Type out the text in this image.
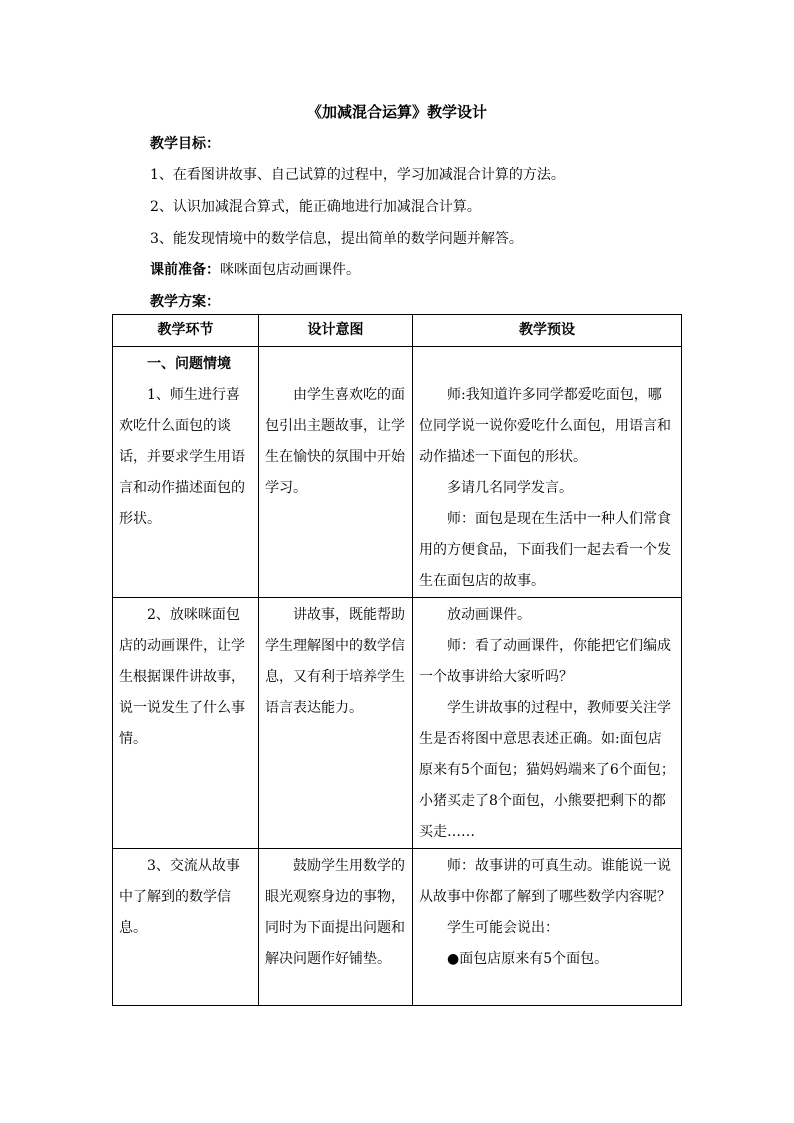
《加减混合运算》教学设计
教学目标：
1、在看图讲故事、自己试算的过程中，学习加减混合计算的方法。
2、认识加减混合算式，能正确地进行加减混合计算。
3、能发现情境中的数学信息，提出简单的数学问题并解答。
课前准备：咪咪面包店动画课件。
教学方案：
教学环节	设计意图	教学预设

一、问题情境
1、师生进行喜欢吃什么面包的谈话，并要求学生用语言和动作描述面包的形状。	由学生喜欢吃的面包引出主题故事，让学生在愉快的氛围中开始学习。	师:我知道许多同学都爱吃面包，哪位同学说一说你爱吃什么面包，用语言和动作描述一下面包的形状。
多请几名同学发言。
师：面包是现在生活中一种人们常食用的方便食品，下面我们一起去看一个发生在面包店的故事。

2、放咪咪面包店的动画课件，让学生根据课件讲故事，说一说发生了什么事情。	讲故事，既能帮助学生理解图中的数学信息，又有利于培养学生语言表达能力。	放动画课件。
师：看了动画课件，你能把它们编成一个故事讲给大家听吗？
学生讲故事的过程中，教师要关注学生是否将图中意思表述正确。如:面包店原来有5个面包；猫妈妈端来了6个面包；小猪买走了8个面包，小熊要把剩下的都买走……

3、交流从故事中了解到的数学信息。	鼓励学生用数学的眼光观察身边的事物，同时为下面提出问题和解决问题作好铺垫。	师：故事讲的可真生动。谁能说一说从故事中你都了解到了哪些数学内容呢？
学生可能会说出：
●面包店原来有5个面包。
